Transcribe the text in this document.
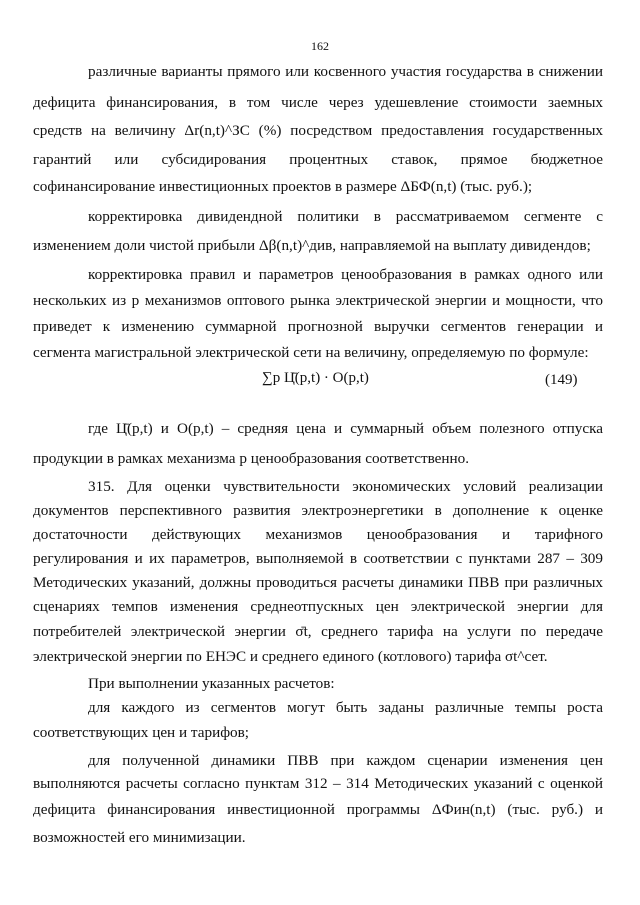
162
различные варианты прямого или косвенного участия государства в снижении
дефицита финансирования, в том числе через удешевление стоимости заемных
средств на величину Δr(n,t)^ЗС (%) посредством предоставления государственных
гарантий или субсидирования процентных ставок, прямое бюджетное
софинансирование инвестиционных проектов в размере ΔБФ(n,t) (тыс. руб.);
корректировка дивидендной политики в рассматриваемом сегменте с
изменением доли чистой прибыли Δβ(n,t)^див, направляемой на выплату дивидендов;
корректировка правил и параметров ценообразования в рамках одного или
нескольких из p механизмов оптового рынка электрической энергии и мощности, что
приведет к изменению суммарной прогнозной выручки сегментов генерации и
сегмента магистральной электрической сети на величину, определяемую по формуле:
∑p Ц̄(p,t) · О(p,t)	(149)
где Ц̄(p,t) и О(p,t) – средняя цена и суммарный объем полезного отпуска
продукции в рамках механизма p ценообразования соответственно.
315. Для оценки чувствительности экономических условий реализации
документов перспективного развития электроэнергетики в дополнение к оценке
достаточности действующих механизмов ценообразования и тарифного
регулирования и их параметров, выполняемой в соответствии с пунктами 287 – 309
Методических указаний, должны проводиться расчеты динамики ПВВ при различных
сценариях темпов изменения среднеотпускных цен электрической энергии для
потребителей электрической энергии σ̄t, среднего тарифа на услуги по передаче
электрической энергии по ЕНЭС и среднего единого (котлового) тарифа σt^сет.
При выполнении указанных расчетов:
для каждого из сегментов могут быть заданы различные темпы роста
соответствующих цен и тарифов;
для полученной динамики ПВВ при каждом сценарии изменения цен
выполняются расчеты согласно пунктам 312 – 314 Методических указаний с оценкой
дефицита финансирования инвестиционной программы ΔФин(n,t) (тыс. руб.) и
возможностей его минимизации.
